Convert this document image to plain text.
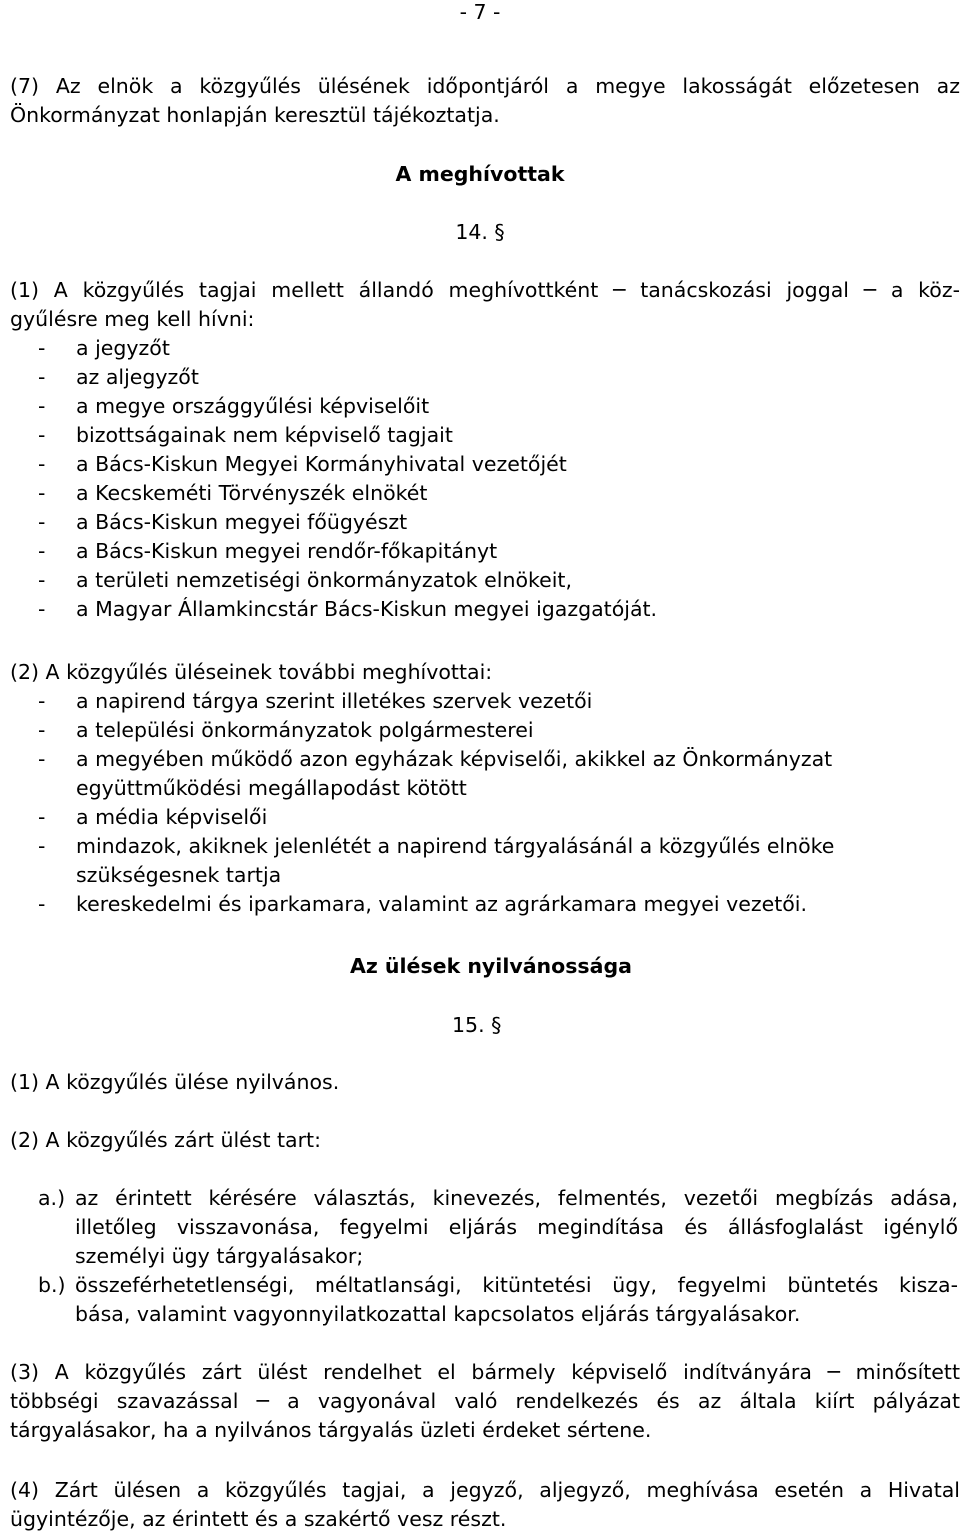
- 7 -
(7) Az elnök a közgyűlés ülésének időpontjáról a megye lakosságát előzetesen az
Önkormányzat honlapján keresztül tájékoztatja.
A meghívottak
14. §
(1) A közgyűlés tagjai mellett állandó meghívottként ─ tanácskozási joggal ─ a köz-
gyűlésre meg kell hívni:
- a jegyzőt
- az aljegyzőt
- a megye országgyűlési képviselőit
- bizottságainak nem képviselő tagjait
- a Bács-Kiskun Megyei Kormányhivatal vezetőjét
- a Kecskeméti Törvényszék elnökét
- a Bács-Kiskun megyei főügyészt
- a Bács-Kiskun megyei rendőr-főkapitányt
- a területi nemzetiségi önkormányzatok elnökeit,
- a Magyar Államkincstár Bács-Kiskun megyei igazgatóját.
(2) A közgyűlés üléseinek további meghívottai:
- a napirend tárgya szerint illetékes szervek vezetői
- a települési önkormányzatok polgármesterei
- a megyében működő azon egyházak képviselői, akikkel az Önkormányzat
együttműködési megállapodást kötött
- a média képviselői
- mindazok, akiknek jelenlétét a napirend tárgyalásánál a közgyűlés elnöke
szükségesnek tartja
- kereskedelmi és iparkamara, valamint az agrárkamara megyei vezetői.
Az ülések nyilvánossága
15. §
(1) A közgyűlés ülése nyilvános.
(2) A közgyűlés zárt ülést tart:
a.) az érintett kérésére választás, kinevezés, felmentés, vezetői megbízás adása,
illetőleg visszavonása, fegyelmi eljárás megindítása és állásfoglalást igénylő
személyi ügy tárgyalásakor;
b.) összeférhetetlenségi, méltatlansági, kitüntetési ügy, fegyelmi büntetés kisza-
bása, valamint vagyonnyilatkozattal kapcsolatos eljárás tárgyalásakor.
(3) A közgyűlés zárt ülést rendelhet el bármely képviselő indítványára ─ minősített
többségi szavazással ─ a vagyonával való rendelkezés és az általa kiírt pályázat
tárgyalásakor, ha a nyilvános tárgyalás üzleti érdeket sértene.
(4) Zárt ülésen a közgyűlés tagjai, a jegyző, aljegyző, meghívása esetén a Hivatal
ügyintézője, az érintett és a szakértő vesz részt.
